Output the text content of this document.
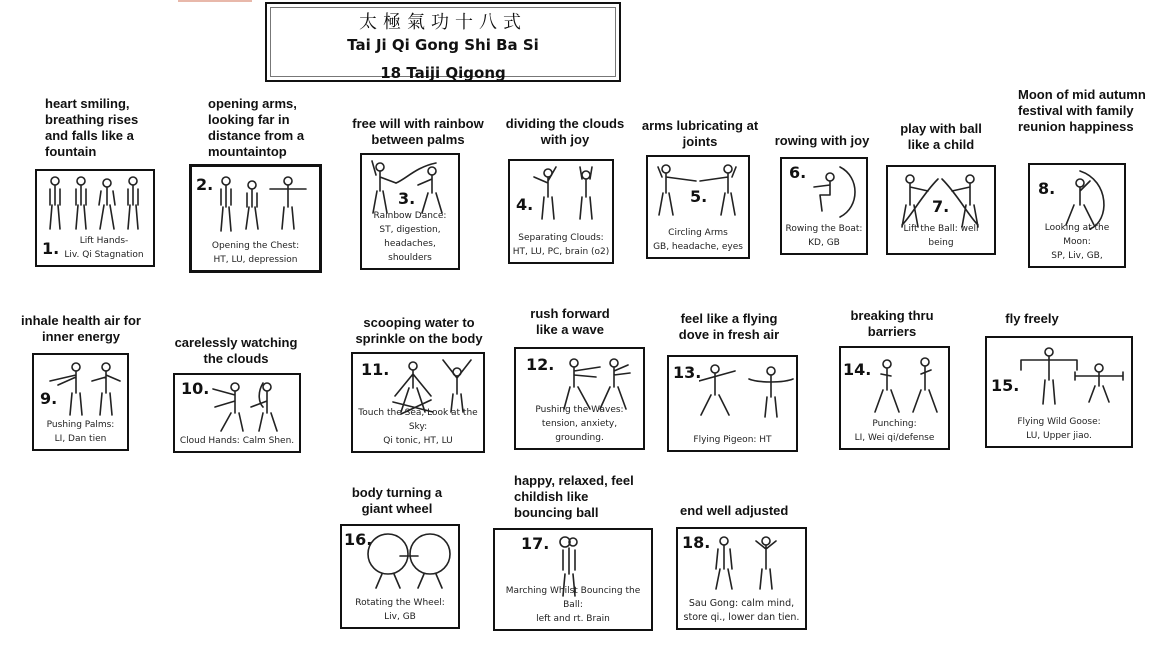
太極氣功十八式
Tai Ji Qi Gong Shi Ba Si
18 Taiji Qigong
heart smiling, breathing rises and falls like a fountain
1.	Lift Hands-
Liv. Qi Stagnation
opening arms, looking far in distance from a mountaintop
2.
Opening the Chest:
HT, LU, depression
free will with rainbow between palms
3.
Rainbow Dance:
ST, digestion,
headaches, shoulders
dividing the clouds with joy
4.
Separating Clouds:
HT, LU, PC, brain (o2)
arms lubricating at joints
5.
Circling Arms
GB, headache, eyes
rowing with joy
6.
Rowing the Boat:
KD, GB
play with ball like a child
7.
Lift the Ball: well being
Moon of mid autumn festival with family reunion happiness
8.
Looking at the Moon:
SP, Liv, GB,
inhale health air for inner energy
9.
Pushing Palms:
LI, Dan tien
carelessly watching the clouds
10.
Cloud Hands: Calm Shen.
scooping water to sprinkle on the body
11.
Touch the Sea, Look at the Sky:
Qi tonic, HT, LU
rush forward like a wave
12.
Pushing the Waves:
tension, anxiety, grounding.
feel like a flying dove in fresh air
13.
Flying Pigeon: HT
breaking thru barriers
14.
Punching:
LI, Wei qi/defense
fly freely
15.
Flying Wild Goose:
LU, Upper jiao.
body turning a giant wheel
16.
Rotating the Wheel:
Liv, GB
happy, relaxed, feel childish like bouncing ball
17.
Marching Whilst Bouncing the Ball:
left and rt. Brain
end well adjusted
18.
Sau Gong: calm mind,
store qi., lower dan tien.
